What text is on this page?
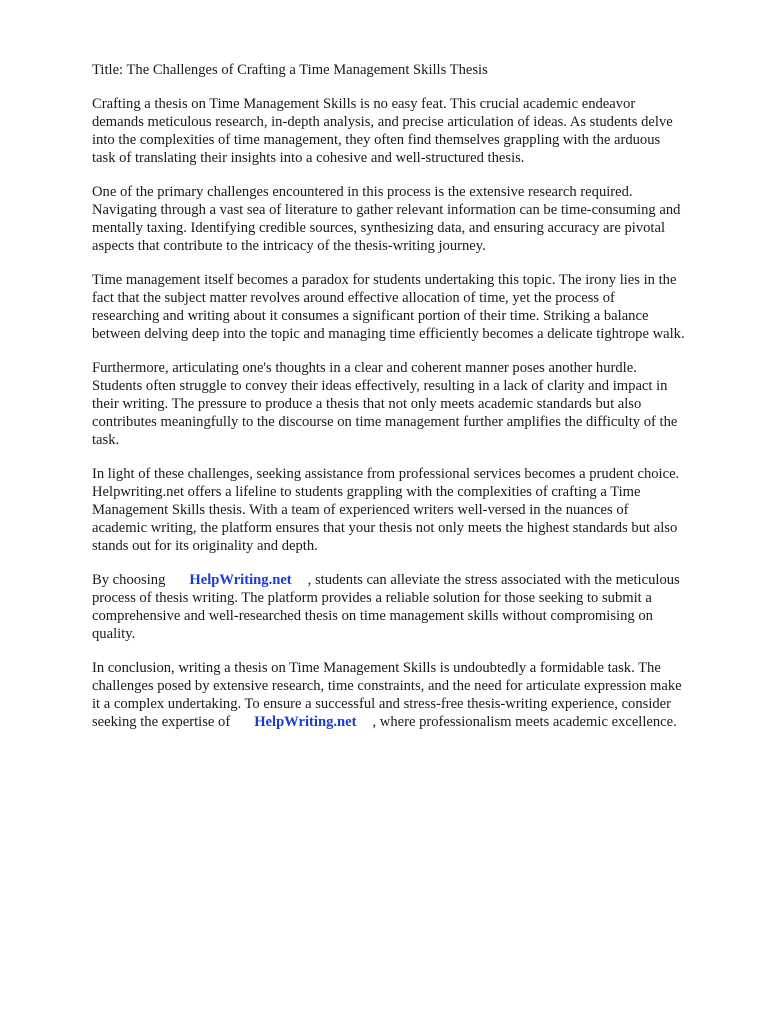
Title: The Challenges of Crafting a Time Management Skills Thesis

Crafting a thesis on Time Management Skills is no easy feat. This crucial academic endeavor
demands meticulous research, in-depth analysis, and precise articulation of ideas. As students delve
into the complexities of time management, they often find themselves grappling with the arduous
task of translating their insights into a cohesive and well-structured thesis.

One of the primary challenges encountered in this process is the extensive research required.
Navigating through a vast sea of literature to gather relevant information can be time-consuming and
mentally taxing. Identifying credible sources, synthesizing data, and ensuring accuracy are pivotal
aspects that contribute to the intricacy of the thesis-writing journey.

Time management itself becomes a paradox for students undertaking this topic. The irony lies in the
fact that the subject matter revolves around effective allocation of time, yet the process of
researching and writing about it consumes a significant portion of their time. Striking a balance
between delving deep into the topic and managing time efficiently becomes a delicate tightrope walk.

Furthermore, articulating one's thoughts in a clear and coherent manner poses another hurdle.
Students often struggle to convey their ideas effectively, resulting in a lack of clarity and impact in
their writing. The pressure to produce a thesis that not only meets academic standards but also
contributes meaningfully to the discourse on time management further amplifies the difficulty of the
task.

In light of these challenges, seeking assistance from professional services becomes a prudent choice.
Helpwriting.net offers a lifeline to students grappling with the complexities of crafting a Time
Management Skills thesis. With a team of experienced writers well-versed in the nuances of
academic writing, the platform ensures that your thesis not only meets the highest standards but also
stands out for its originality and depth.

By choosing HelpWriting.net , students can alleviate the stress associated with the meticulous
process of thesis writing. The platform provides a reliable solution for those seeking to submit a
comprehensive and well-researched thesis on time management skills without compromising on
quality.

In conclusion, writing a thesis on Time Management Skills is undoubtedly a formidable task. The
challenges posed by extensive research, time constraints, and the need for articulate expression make
it a complex undertaking. To ensure a successful and stress-free thesis-writing experience, consider
seeking the expertise of HelpWriting.net , where professionalism meets academic excellence.
